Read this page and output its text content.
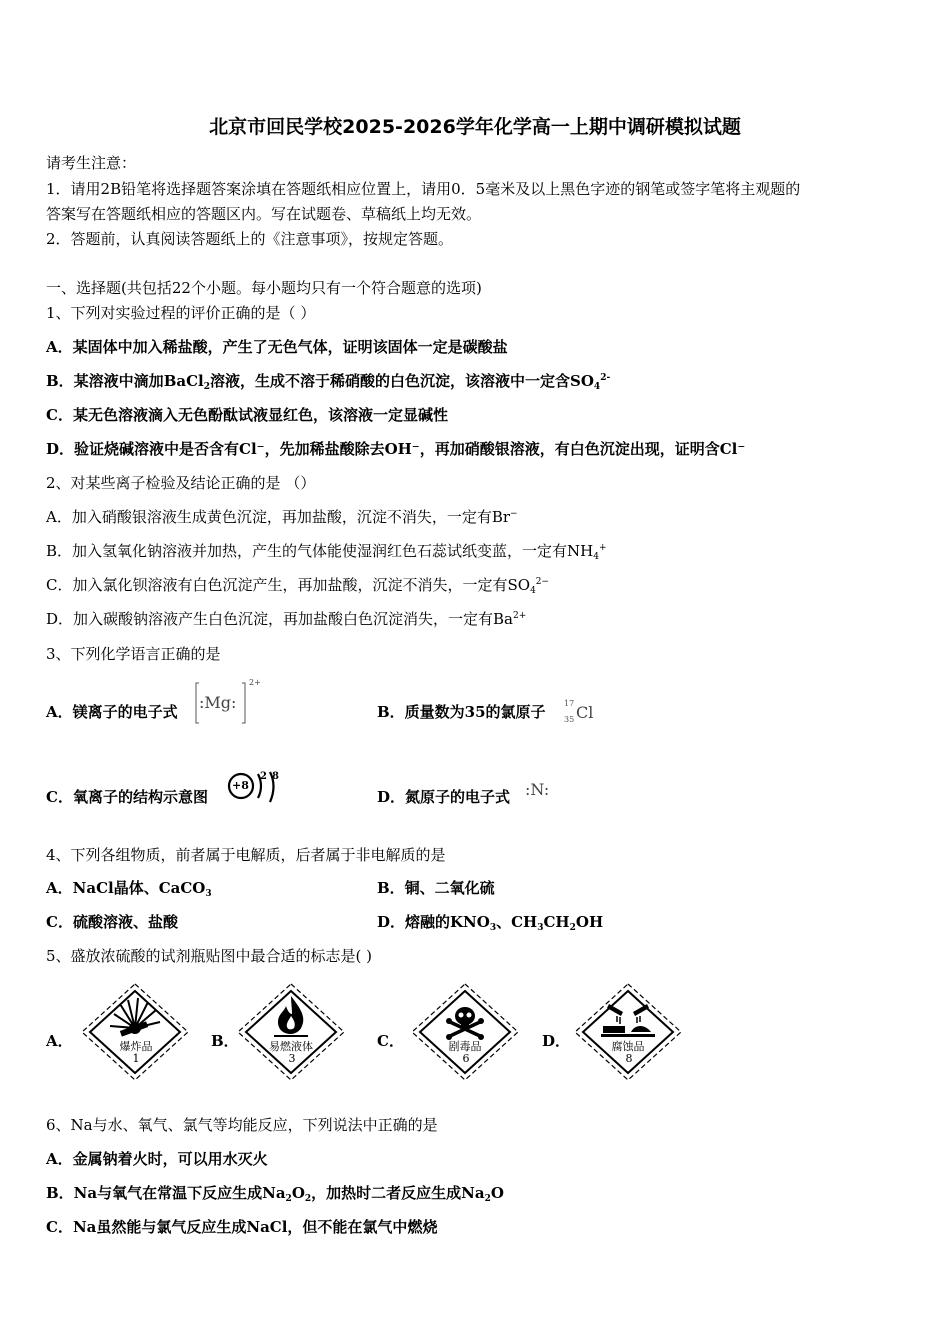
北京市回民学校2025-2026学年化学高一上期中调研模拟试题
请考生注意：
1．请用2B铅笔将选择题答案涂填在答题纸相应位置上，请用0．5毫米及以上黑色字迹的钢笔或签字笔将主观题的
答案写在答题纸相应的答题区内。写在试题卷、草稿纸上均无效。
2．答题前，认真阅读答题纸上的《注意事项》，按规定答题。
一、选择题(共包括22个小题。每小题均只有一个符合题意的选项)
1、下列对实验过程的评价正确的是（ ）
A．某固体中加入稀盐酸，产生了无色气体，证明该固体一定是碳酸盐
B．某溶液中滴加BaCl$_2$溶液，生成不溶于稀硝酸的白色沉淀，该溶液中一定含$SO_4^{2-}$
C．某无色溶液滴入无色酚酞试液显红色，该溶液一定显碱性
D．验证烧碱溶液中是否含有Cl⁻，先加稀盐酸除去OH⁻，再加硝酸银溶液，有白色沉淀出现，证明含Cl⁻
2、对某些离子检验及结论正确的是 （）
A．加入硝酸银溶液生成黄色沉淀，再加盐酸，沉淀不消失，一定有Br−
B．加入氢氧化钠溶液并加热，产生的气体能使湿润红色石蕊试纸变蓝，一定有$NH_4^+$
C．加入氯化钡溶液有白色沉淀产生，再加盐酸，沉淀不消失，一定有$SO_4^{2-}$
D．加入碳酸钠溶液产生白色沉淀，再加盐酸白色沉淀消失，一定有$Ba^{2+}$
3、下列化学语言正确的是
A．镁离子的电子式 :Mg:
2+
B．质量数为35的氯原子 17
35 Cl
C．氧离子的结构示意图
+8
2 8
D．氮原子的电子式 :N:
4、下列各组物质，前者属于电解质，后者属于非电解质的是
A．NaCl晶体、CaCO$_3$	B．铜、二氧化硫
C．硫酸溶液、盐酸	D．熔融的$KNO_3$、$CH_3CH_2OH$
5、盛放浓硫酸的试剂瓶贴图中最合适的标志是( )
A．	爆炸品
1
B．	易燃液体
3
C．	剧毒品
6
D．	腐蚀品
8
6、Na与水、氧气、氯气等均能反应，下列说法中正确的是
A．金属钠着火时，可以用水灭火
B．Na与氧气在常温下反应生成$Na_2O_2$，加热时二者反应生成$Na_2O$
C．Na虽然能与氯气反应生成NaCl，但不能在氯气中燃烧
